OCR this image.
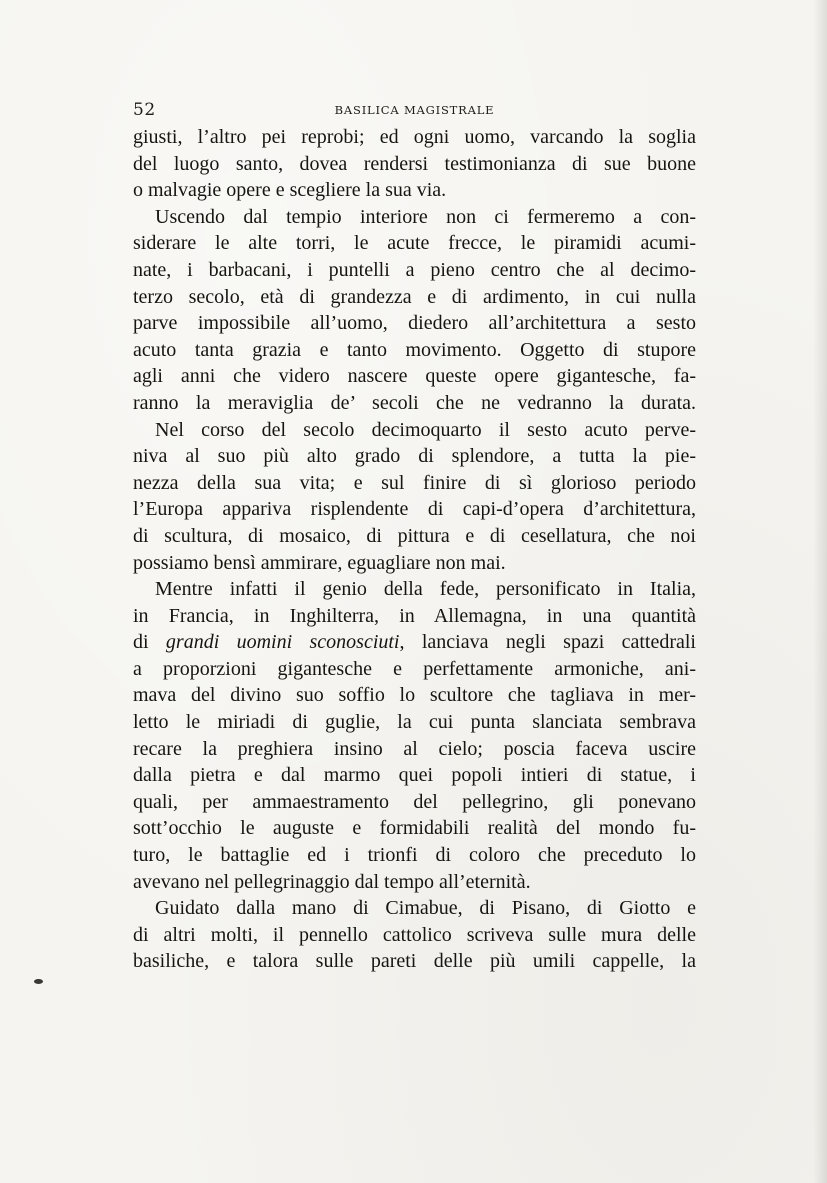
52	BASILICA MAGISTRALE
giusti, l’altro pei reprobi; ed ogni uomo, varcando la soglia
del luogo santo, dovea rendersi testimonianza di sue buone
o malvagie opere e scegliere la sua via.
Uscendo dal tempio interiore non ci fermeremo a con-
siderare le alte torri, le acute frecce, le piramidi acumi-
nate, i barbacani, i puntelli a pieno centro che al decimo-
terzo secolo, età di grandezza e di ardimento, in cui nulla
parve impossibile all’uomo, diedero all’architettura a sesto
acuto tanta grazia e tanto movimento. Oggetto di stupore
agli anni che videro nascere queste opere gigantesche, fa-
ranno la meraviglia de’ secoli che ne vedranno la durata.
Nel corso del secolo decimoquarto il sesto acuto perve-
niva al suo più alto grado di splendore, a tutta la pie-
nezza della sua vita; e sul finire di sì glorioso periodo
l’Europa appariva risplendente di capi-d’opera d’architettura,
di scultura, di mosaico, di pittura e di cesellatura, che noi
possiamo bensì ammirare, eguagliare non mai.
Mentre infatti il genio della fede, personificato in Italia,
in Francia, in Inghilterra, in Allemagna, in una quantità
di grandi uomini sconosciuti, lanciava negli spazi cattedrali
a proporzioni gigantesche e perfettamente armoniche, ani-
mava del divino suo soffio lo scultore che tagliava in mer-
letto le miriadi di guglie, la cui punta slanciata sembrava
recare la preghiera insino al cielo; poscia faceva uscire
dalla pietra e dal marmo quei popoli intieri di statue, i
quali, per ammaestramento del pellegrino, gli ponevano
sott’occhio le auguste e formidabili realità del mondo fu-
turo, le battaglie ed i trionfi di coloro che preceduto lo
avevano nel pellegrinaggio dal tempo all’eternità.
Guidato dalla mano di Cimabue, di Pisano, di Giotto e
di altri molti, il pennello cattolico scriveva sulle mura delle
basiliche, e talora sulle pareti delle più umili cappelle, la
